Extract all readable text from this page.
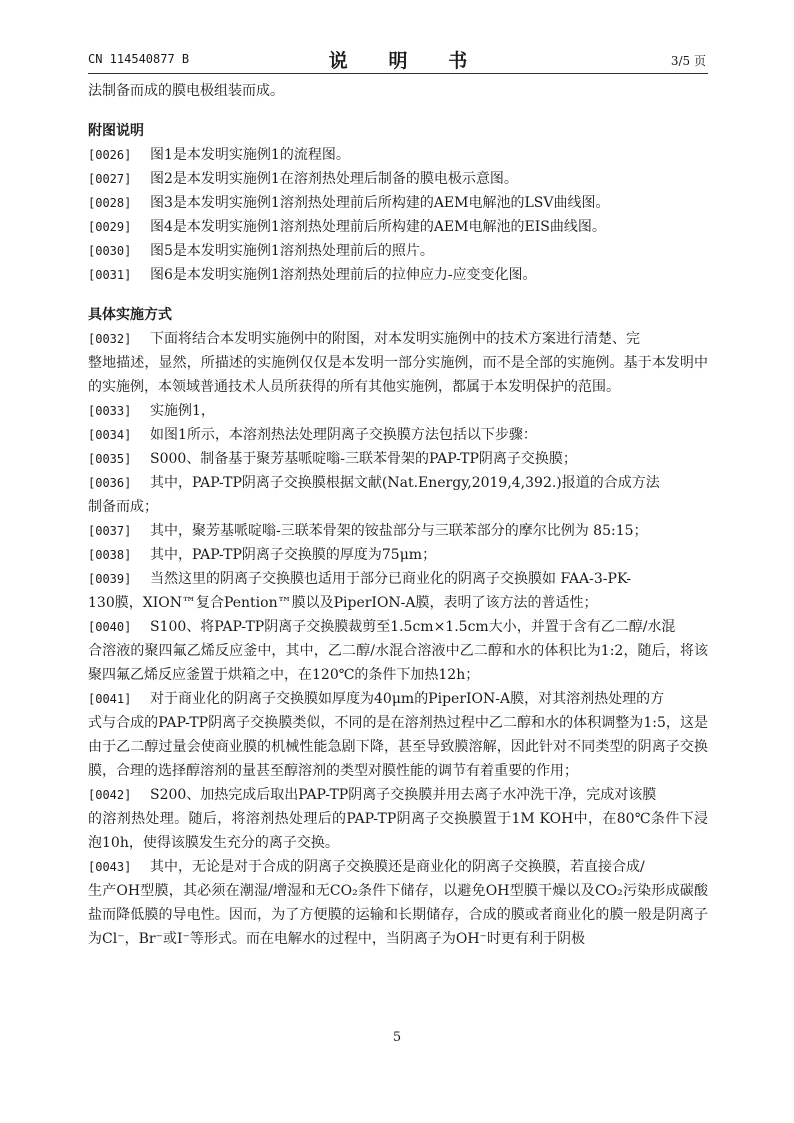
CN 114540877 B	说 明 书	3/5 页

法制备而成的膜电极组装而成。

附图说明

[0026] 图1是本发明实施例1的流程图。
[0027] 图2是本发明实施例1在溶剂热处理后制备的膜电极示意图。
[0028] 图3是本发明实施例1溶剂热处理前后所构建的AEM电解池的LSV曲线图。
[0029] 图4是本发明实施例1溶剂热处理前后所构建的AEM电解池的EIS曲线图。
[0030] 图5是本发明实施例1溶剂热处理前后的照片。
[0031] 图6是本发明实施例1溶剂热处理前后的拉伸应力-应变变化图。

具体实施方式

[0032] 下面将结合本发明实施例中的附图，对本发明实施例中的技术方案进行清楚、完
整地描述，显然，所描述的实施例仅仅是本发明一部分实施例，而不是全部的实施例。基于本发明中的实施例，本领域普通技术人员所获得的所有其他实施例，都属于本发明保护的范围。
[0033] 实施例1，
[0034] 如图1所示，本溶剂热法处理阴离子交换膜方法包括以下步骤：
[0035] S000、制备基于聚芳基哌啶嗡-三联苯骨架的PAP-TP阴离子交换膜；
[0036] 其中，PAP-TP阴离子交换膜根据文献(Nat.Energy,2019,4,392.)报道的合成方法
制备而成；
[0037] 其中，聚芳基哌啶嗡-三联苯骨架的铵盐部分与三联苯部分的摩尔比例为 85:15；
[0038] 其中，PAP-TP阴离子交换膜的厚度为75μm；
[0039] 当然这里的阴离子交换膜也适用于部分已商业化的阴离子交换膜如 FAA-3-PK-
130膜，XION™复合Pention™膜以及PiperION-A膜，表明了该方法的普适性；
[0040] S100、将PAP-TP阴离子交换膜裁剪至1.5cm×1.5cm大小，并置于含有乙二醇/水混
合溶液的聚四氟乙烯反应釜中，其中，乙二醇/水混合溶液中乙二醇和水的体积比为1:2，随后，将该聚四氟乙烯反应釜置于烘箱之中，在120℃的条件下加热12h；
[0041] 对于商业化的阴离子交换膜如厚度为40μm的PiperION-A膜，对其溶剂热处理的方
式与合成的PAP-TP阴离子交换膜类似，不同的是在溶剂热过程中乙二醇和水的体积调整为1:5，这是由于乙二醇过量会使商业膜的机械性能急剧下降，甚至导致膜溶解，因此针对不同类型的阴离子交换膜，合理的选择醇溶剂的量甚至醇溶剂的类型对膜性能的调节有着重要的作用；
[0042] S200、加热完成后取出PAP-TP阴离子交换膜并用去离子水冲洗干净，完成对该膜
的溶剂热处理。随后，将溶剂热处理后的PAP-TP阴离子交换膜置于1M KOH中，在80℃条件下浸泡10h，使得该膜发生充分的离子交换。
[0043] 其中，无论是对于合成的阴离子交换膜还是商业化的阴离子交换膜，若直接合成/
生产OH型膜，其必须在潮湿/增湿和无CO₂条件下储存，以避免OH型膜干燥以及CO₂污染形成碳酸盐而降低膜的导电性。因而，为了方便膜的运输和长期储存，合成的膜或者商业化的膜一般是阴离子为Cl⁻，Br⁻或I⁻等形式。而在电解水的过程中，当阴离子为OH⁻时更有利于阴极
5
